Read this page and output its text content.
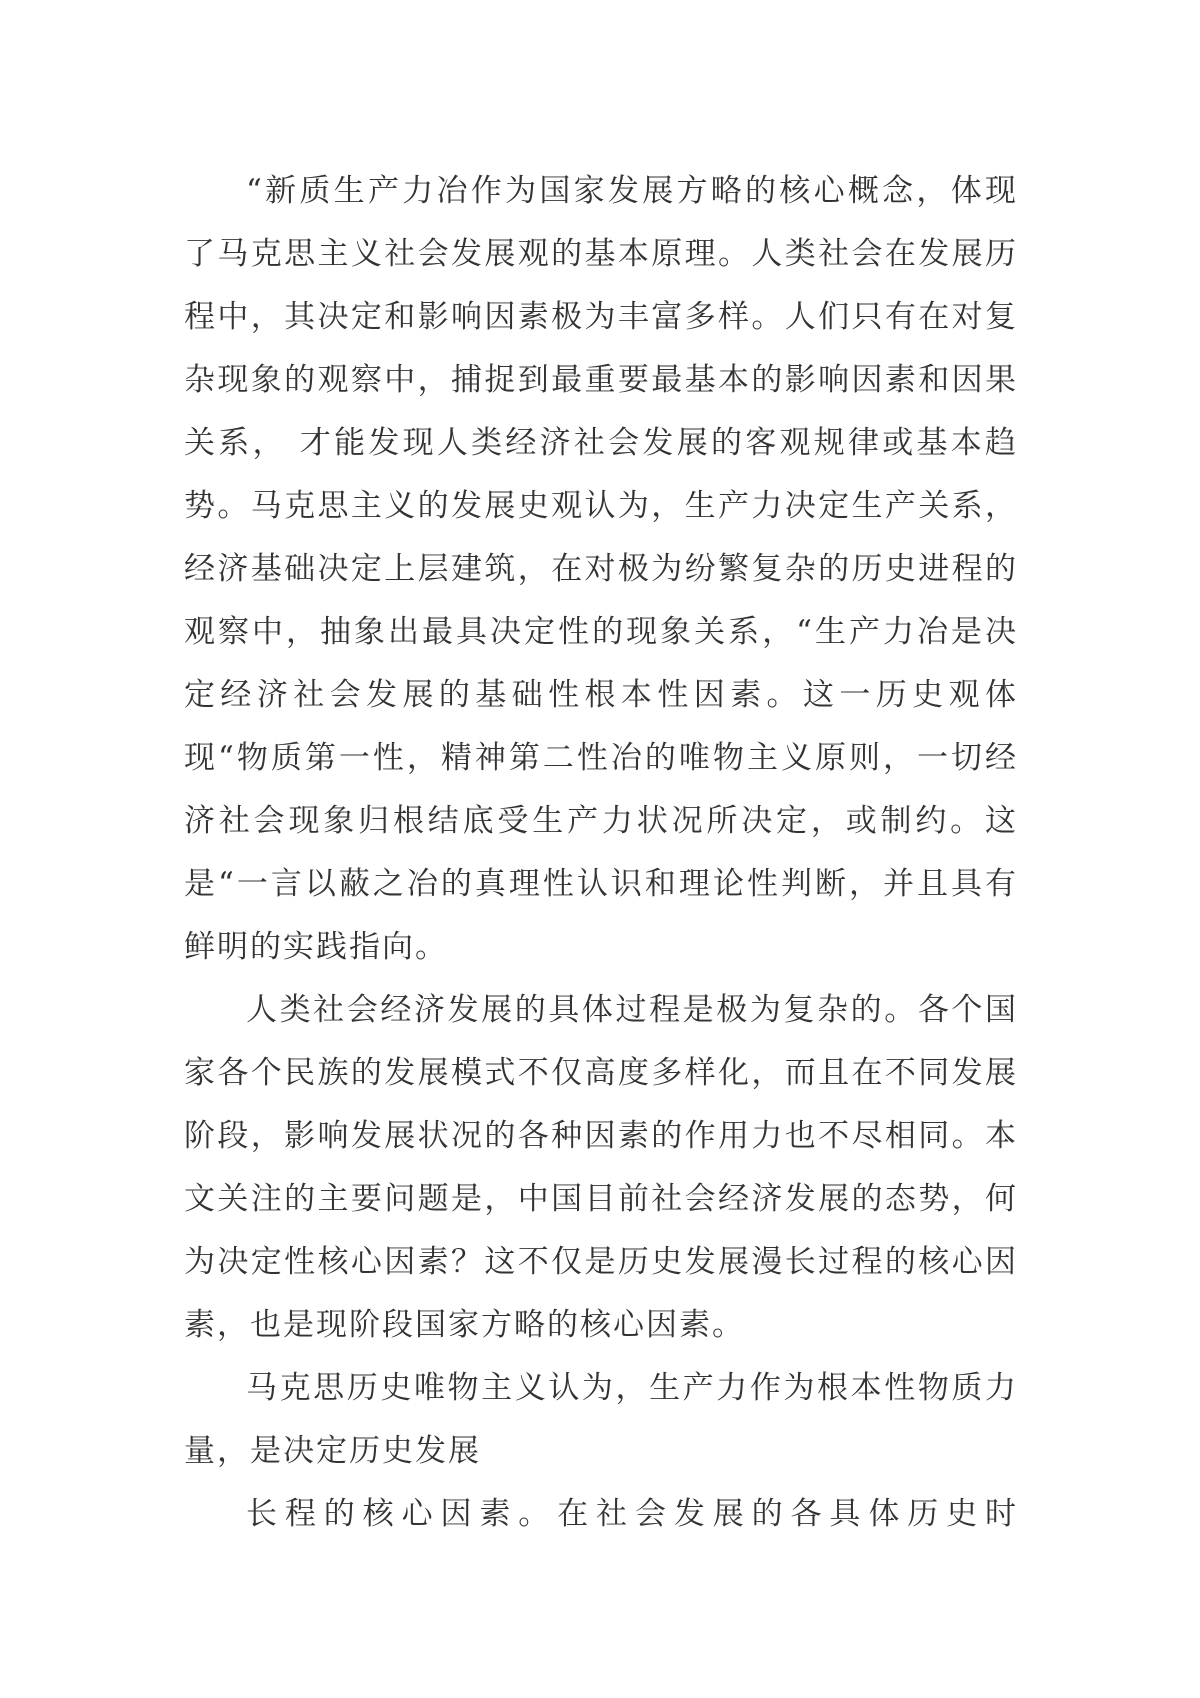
“新质生产力冶作为国家发展方略的核心概念，体现了马克思主义社会发展观的基本原理。人类社会在发展历程中，其决定和影响因素极为丰富多样。人们只有在对复杂现象的观察中，捕捉到最重要最基本的影响因素和因果关系， 才能发现人类经济社会发展的客观规律或基本趋势。马克思主义的发展史观认为，生产力决定生产关系，经济基础决定上层建筑，在对极为纷繁复杂的历史进程的观察中，抽象出最具决定性的现象关系，“生产力冶是决定经济社会发展的基础性根本性因素。这一历史观体现“物质第一性，精神第二性冶的唯物主义原则，一切经济社会现象归根结底受生产力状况所决定，或制约。这是“一言以蔽之冶的真理性认识和理论性判断，并且具有鲜明的实践指向。

人类社会经济发展的具体过程是极为复杂的。各个国家各个民族的发展模式不仅高度多样化，而且在不同发展阶段，影响发展状况的各种因素的作用力也不尽相同。本文关注的主要问题是，中国目前社会经济发展的态势，何为决定性核心因素？这不仅是历史发展漫长过程的核心因素，也是现阶段国家方略的核心因素。

马克思历史唯物主义认为，生产力作为根本性物质力量，是决定历史发展

长程的核心因素。在社会发展的各具体历史时
